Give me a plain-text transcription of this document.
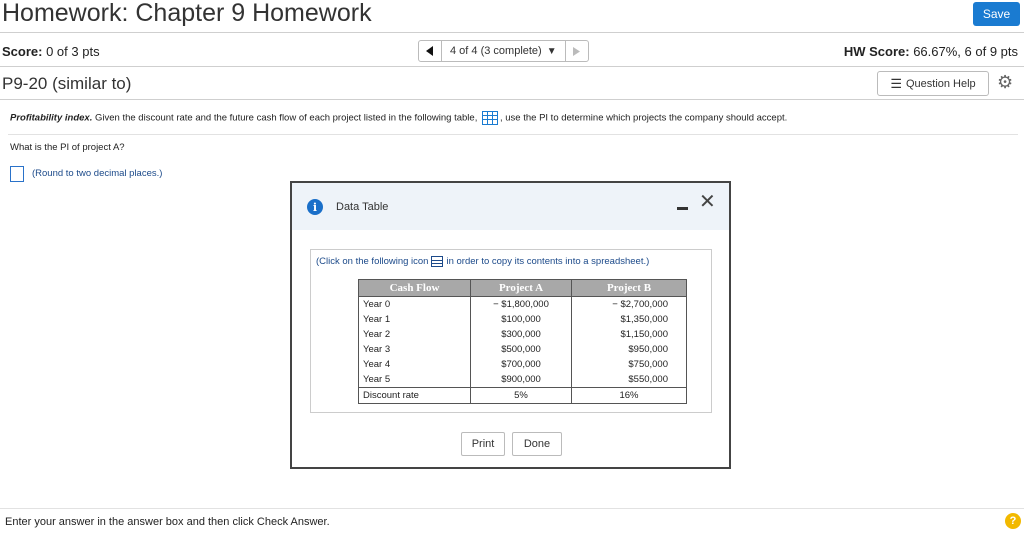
Homework: Chapter 9 Homework	Save
Score: 0 of 3 pts	4 of 4 (3 complete) ▼	HW Score: 66.67%, 6 of 9 pts
P9-20 (similar to)	☰ Question Help ⚙
Profitability index. Given the discount rate and the future cash flow of each project listed in the following table, , use the PI to determine which projects the company should accept.
What is the PI of project A?
(Round to two decimal places.)
i	Data Table	✕
(Click on the following icon in order to copy its contents into a spreadsheet.)
Cash Flow	Project A	Project B
Year 0	− $1,800,000	− $2,700,000
Year 1	$100,000	$1,350,000
Year 2	$300,000	$1,150,000
Year 3	$500,000	$950,000
Year 4	$700,000	$750,000
Year 5	$900,000	$550,000
Discount rate	5%	16%
Print	Done
Enter your answer in the answer box and then click Check Answer.	?
